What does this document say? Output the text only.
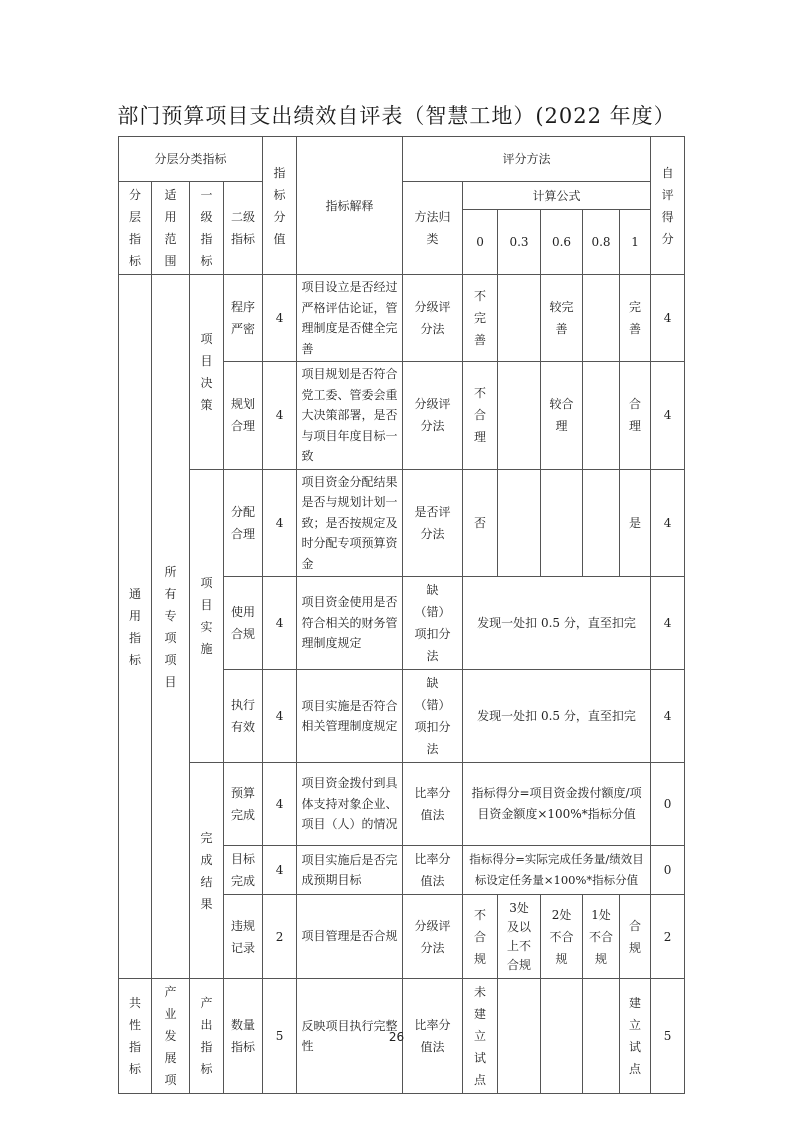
部门预算项目支出绩效自评表（智慧工地）(2022 年度）
分层分类指标				指标分值	指标解释	评分方法						自评得分

分层指标	适用范围	一级指标	二级指标			方法归类	计算公式					
							0	0.3	0.6	0.8	1	

通用指标	所有专项项目	项目决策	程序严密	4	项目设立是否经过严格评估论证，管理制度是否健全完善	分级评分法	不完善		较完善		完善	4

			规划合理	4	项目规划是否符合党工委、管委会重大决策部署，是否与项目年度目标一致	分级评分法	不合理		较合理		合理	4

		项目实施	分配合理	4	项目资金分配结果是否与规划计划一致；是否按规定及时分配专项预算资金	是否评分法	否				是	4

			使用合规	4	项目资金使用是否符合相关的财务管理制度规定	缺（错）项扣分法	发现一处扣 0.5 分，直至扣完					4

			执行有效	4	项目实施是否符合相关管理制度规定	缺（错）项扣分法	发现一处扣 0.5 分，直至扣完					4

		完成结果	预算完成	4	项目资金拨付到具体支持对象企业、项目（人）的情况	比率分值法	指标得分=项目资金拨付额度/项目资金额度×100%*指标分值					0

			目标完成	4	项目实施后是否完成预期目标	比率分值法	指标得分=实际完成任务量/绩效目标设定任务量×100%*指标分值					0

			违规记录	2	项目管理是否合规	分级评分法	不合规	3处及以上不合规	2处不合规	1处不合规	合规	2

共性指标	产业发展项	产出指标	数量指标	5	反映项目执行完整性	比率分值法	未建立试点				建立试点	5
26
